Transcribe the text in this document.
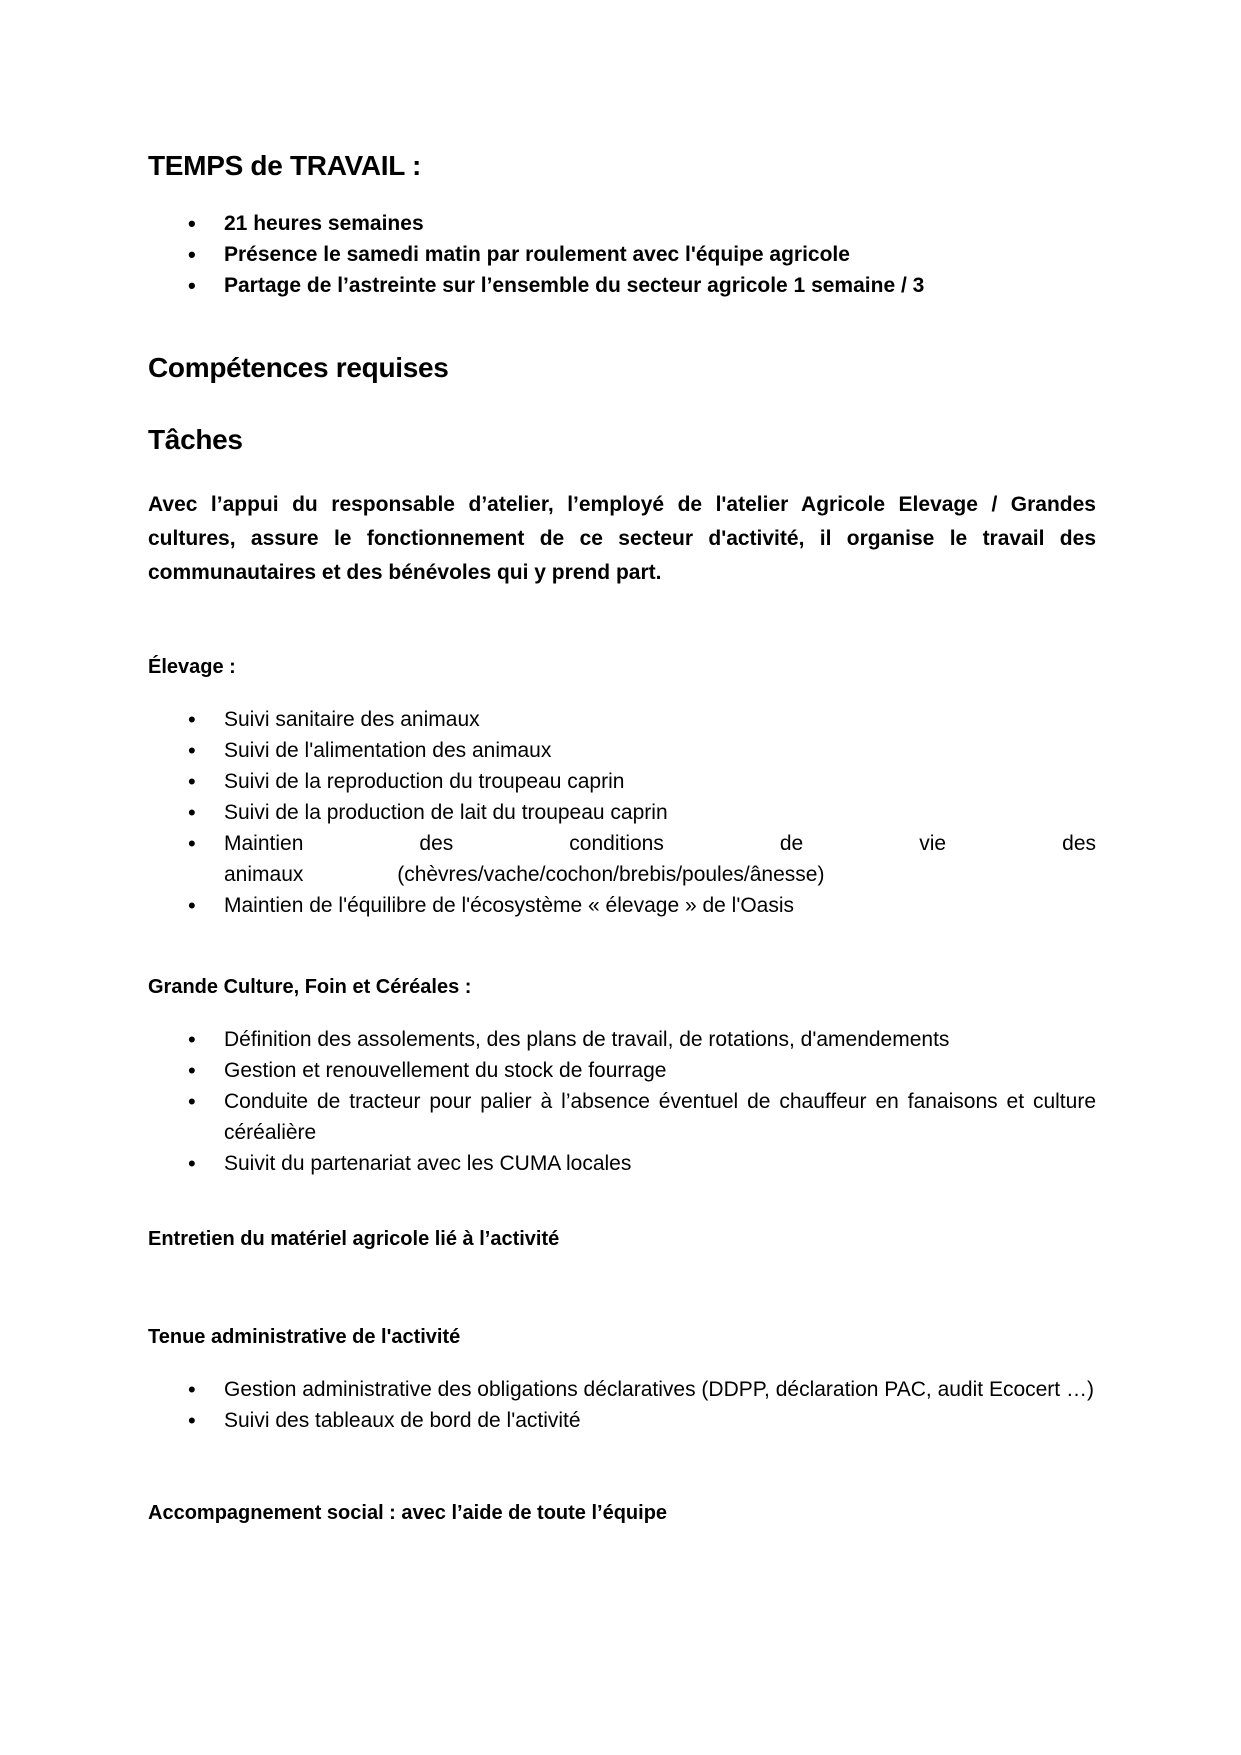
TEMPS de TRAVAIL :
• 21 heures semaines
• Présence le samedi matin par roulement avec l'équipe agricole
• Partage de l’astreinte sur l’ensemble du secteur agricole 1 semaine / 3
Compétences requises
Tâches
Avec l’appui du responsable d’atelier, l’employé de l'atelier Agricole Elevage / Grandes cultures, assure le fonctionnement de ce secteur d'activité, il organise le travail des communautaires et des bénévoles qui y prend part.
Élevage :
• Suivi sanitaire des animaux
• Suivi de l'alimentation des animaux
• Suivi de la reproduction du troupeau caprin
• Suivi de la production de lait du troupeau caprin
• Maintien des conditions de vie des animaux (chèvres/vache/cochon/brebis/poules/ânesse)
• Maintien de l'équilibre de l'écosystème « élevage » de l'Oasis
Grande Culture, Foin et Céréales :
• Définition des assolements, des plans de travail, de rotations, d'amendements
• Gestion et renouvellement du stock de fourrage
• Conduite de tracteur pour palier à l’absence éventuel de chauffeur en fanaisons et culture céréalière
• Suivit du partenariat avec les CUMA locales
Entretien du matériel agricole lié à l’activité
Tenue administrative de l'activité
• Gestion administrative des obligations déclaratives (DDPP, déclaration PAC, audit Ecocert …)
• Suivi des tableaux de bord de l'activité
Accompagnement social : avec l’aide de toute l’équipe
